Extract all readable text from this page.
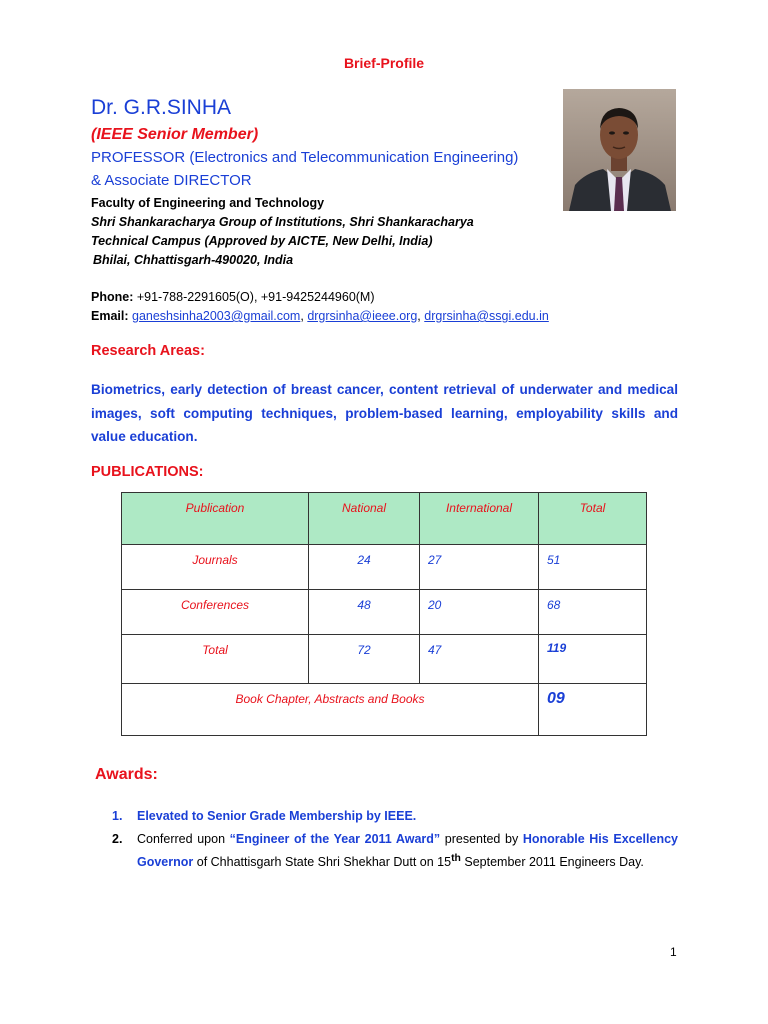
Brief-Profile
Dr. G.R.SINHA
(IEEE Senior Member)
PROFESSOR (Electronics and Telecommunication Engineering)
& Associate DIRECTOR
Faculty of Engineering and Technology
Shri Shankaracharya Group of Institutions, Shri Shankaracharya
Technical Campus (Approved by AICTE, New Delhi, India)
Bhilai, Chhattisgarh-490020, India
Phone: +91-788-2291605(O), +91-9425244960(M)
Email: ganeshsinha2003@gmail.com, drgrsinha@ieee.org, drgrsinha@ssgi.edu.in
Research Areas:
Biometrics, early detection of breast cancer, content retrieval of underwater and medical images, soft computing techniques, problem-based learning, employability skills and value education.
PUBLICATIONS:
Publication	National	International	Total
Journals	24	27	51
Conferences	48	20	68
Total	72	47	119
Book Chapter, Abstracts and Books			09
Awards:
1. Elevated to Senior Grade Membership by IEEE.
2. Conferred upon “Engineer of the Year 2011 Award” presented by Honorable His Excellency Governor of Chhattisgarh State Shri Shekhar Dutt on 15th September 2011 Engineers Day.
1
